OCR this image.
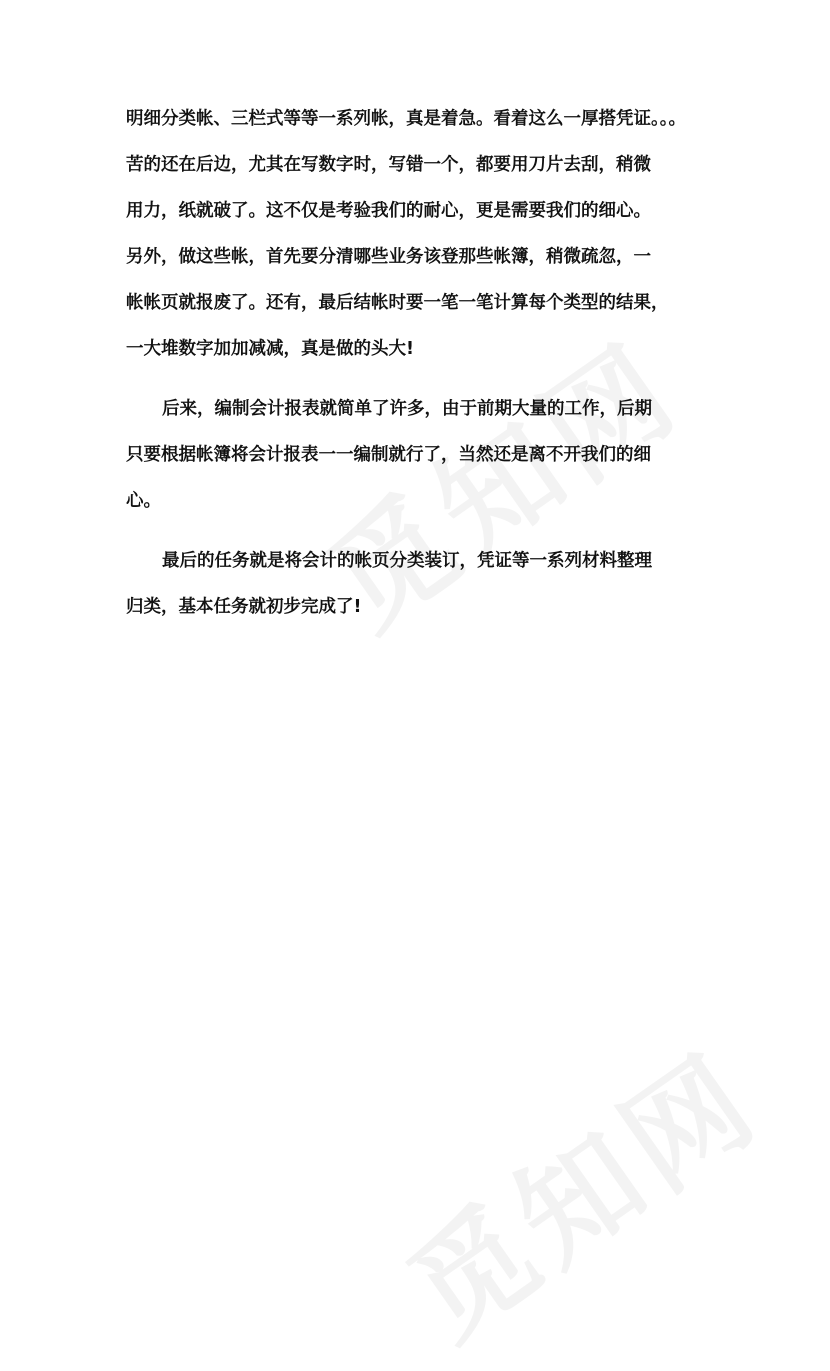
明细分类帐、三栏式等等一系列帐，真是着急。看着这么一厚搭凭证。。。
苦的还在后边，尤其在写数字时，写错一个，都要用刀片去刮，稍微
用力，纸就破了。这不仅是考验我们的耐心，更是需要我们的细心。
另外，做这些帐，首先要分清哪些业务该登那些帐簿，稍微疏忽，一
帐帐页就报废了。还有，最后结帐时要一笔一笔计算每个类型的结果，
一大堆数字加加减减，真是做的头大!
后来，编制会计报表就简单了许多，由于前期大量的工作，后期
只要根据帐簿将会计报表一一编制就行了，当然还是离不开我们的细
心。
最后的任务就是将会计的帐页分类装订，凭证等一系列材料整理
归类，基本任务就初步完成了!
